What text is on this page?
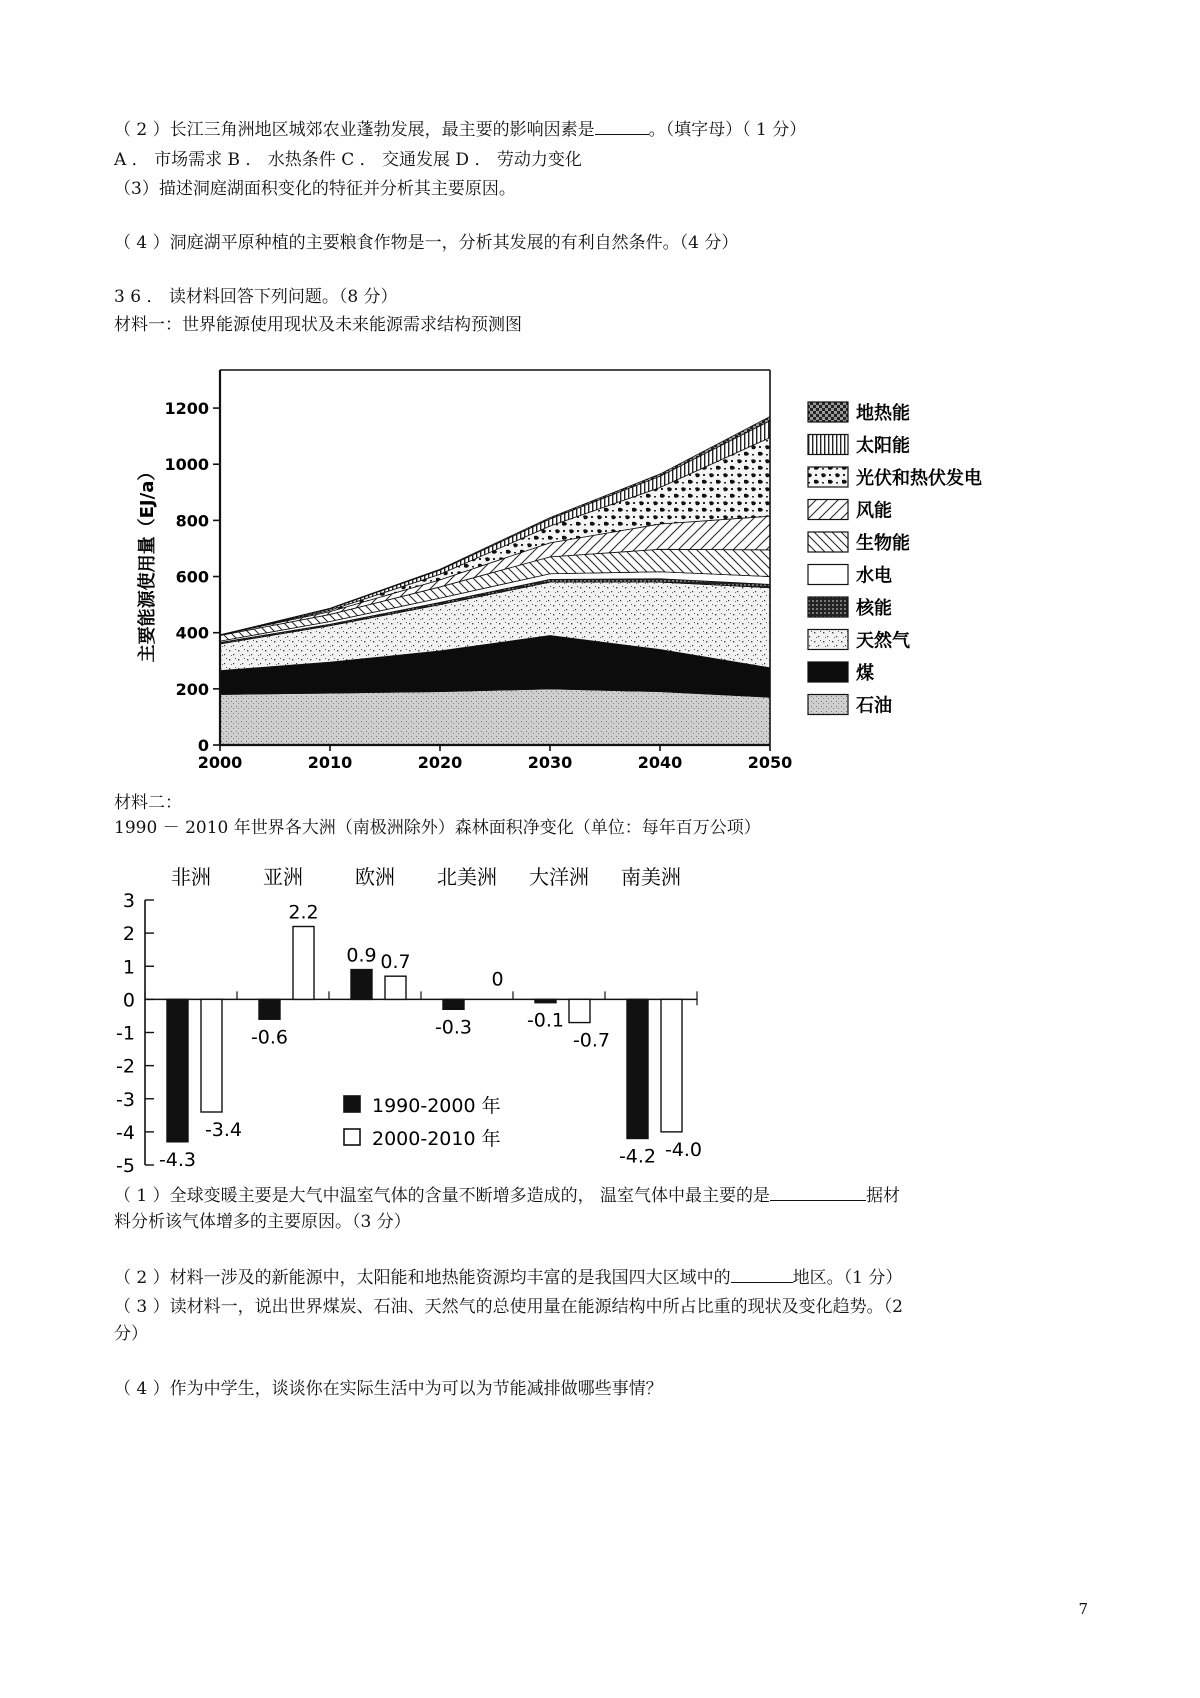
（ 2 ）长江三角洲地区城郊农业蓬勃发展，最主要的影响因素是	。（填字母）（ 1 分）
A ． 市场需求 B ． 水热条件 C ． 交通发展 D ． 劳动力变化
（3）描述洞庭湖面积变化的特征并分析其主要原因。
（ 4 ）洞庭湖平原种植的主要粮食作物是一，分析其发展的有利自然条件。（4 分）
3 6 ． 读材料回答下列问题。（8 分）
材料一：世界能源使用现状及未来能源需求结构预测图
0
200
400
600
800
1000
1200
2000	2010	2020	2030	2040	2050
主要能源使用量（EJ/a）
地热能
太阳能
光伏和热伏发电
风能
生物能
水电
核能
天然气
煤
石油
材料二：
1990 － 2010 年世界各大洲（南极洲除外）森林面积净变化（单位：每年百万公项）
3
2
1
0
-1
-2
-3
-4
-5
非洲	亚洲	欧洲 北美洲 大洋洲 南美洲
-4.3
-3.4
-0.6
2.2
0.9 0.7
-0.3
0
-0.1
-0.7
-4.2 -4.0
1990-2000 年
2000-2010 年
（ 1 ）全球变暖主要是大气中温室气体的含量不断增多造成的， 温室气体中最主要的是	据材
料分析该气体增多的主要原因。（3 分）
（ 2 ）材料一涉及的新能源中，太阳能和地热能资源均丰富的是我国四大区域中的	地区。（1 分）
（ 3 ）读材料一，说出世界煤炭、石油、天然气的总使用量在能源结构中所占比重的现状及变化趋势。（2
分）
（ 4 ）作为中学生，谈谈你在实际生活中为可以为节能减排做哪些事情？
7
